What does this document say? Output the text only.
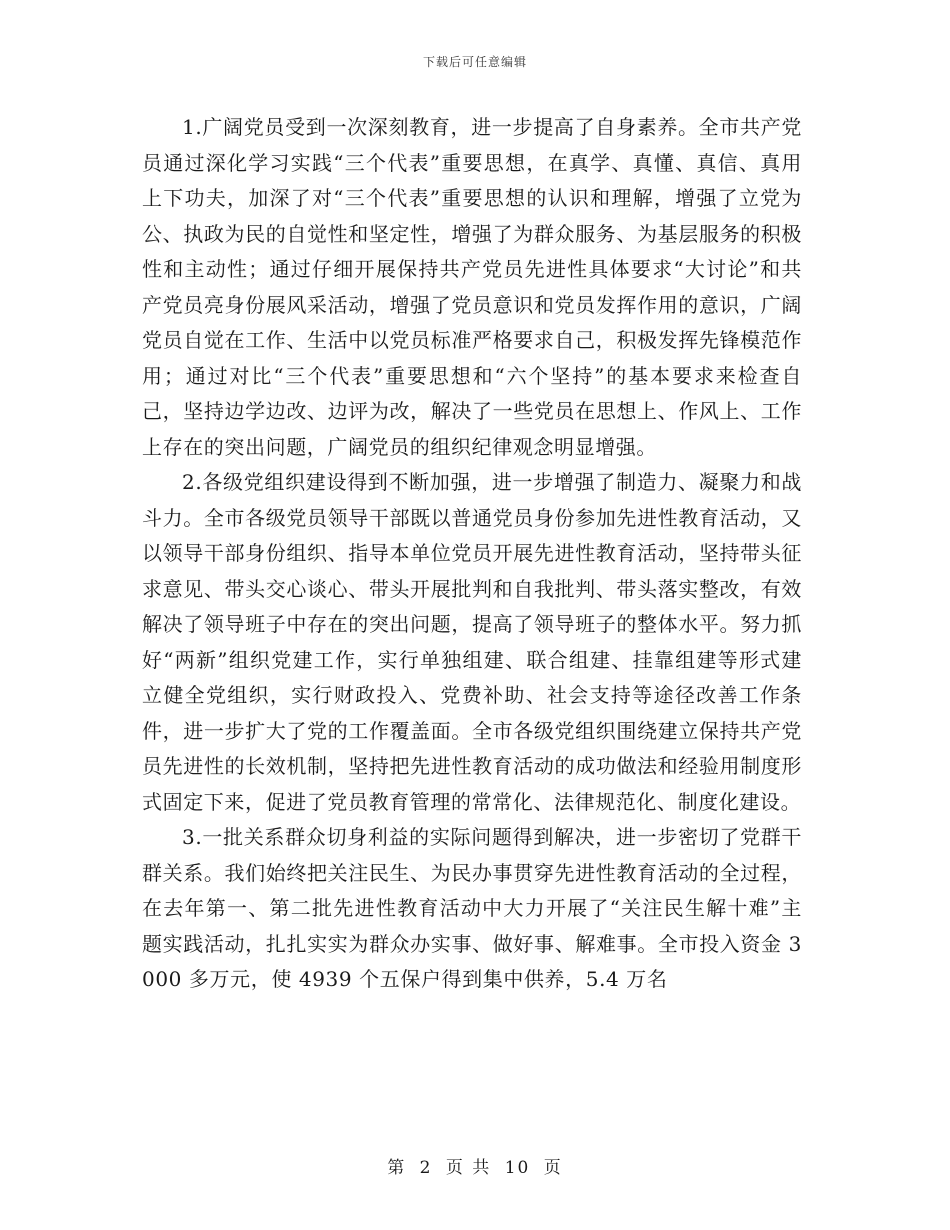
下载后可任意编辑

1.广阔党员受到一次深刻教育，进一步提高了自身素养。全市共产党员通过深化学习实践“三个代表”重要思想，在真学、真懂、真信、真用上下功夫，加深了对“三个代表”重要思想的认识和理解，增强了立党为公、执政为民的自觉性和坚定性，增强了为群众服务、为基层服务的积极性和主动性；通过仔细开展保持共产党员先进性具体要求“大讨论”和共产党员亮身份展风采活动，增强了党员意识和党员发挥作用的意识，广阔党员自觉在工作、生活中以党员标准严格要求自己，积极发挥先锋模范作用；通过对比“三个代表”重要思想和“六个坚持”的基本要求来检查自己，坚持边学边改、边评为改，解决了一些党员在思想上、作风上、工作上存在的突出问题，广阔党员的组织纪律观念明显增强。

2.各级党组织建设得到不断加强，进一步增强了制造力、凝聚力和战斗力。全市各级党员领导干部既以普通党员身份参加先进性教育活动，又以领导干部身份组织、指导本单位党员开展先进性教育活动，坚持带头征求意见、带头交心谈心、带头开展批判和自我批判、带头落实整改，有效解决了领导班子中存在的突出问题，提高了领导班子的整体水平。努力抓好“两新”组织党建工作，实行单独组建、联合组建、挂靠组建等形式建立健全党组织，实行财政投入、党费补助、社会支持等途径改善工作条件，进一步扩大了党的工作覆盖面。全市各级党组织围绕建立保持共产党员先进性的长效机制，坚持把先进性教育活动的成功做法和经验用制度形式固定下来，促进了党员教育管理的常常化、法律规范化、制度化建设。

3.一批关系群众切身利益的实际问题得到解决，进一步密切了党群干群关系。我们始终把关注民生、为民办事贯穿先进性教育活动的全过程，在去年第一、第二批先进性教育活动中大力开展了“关注民生解十难”主题实践活动，扎扎实实为群众办实事、做好事、解难事。全市投入资金 3000 多万元，使 4939 个五保户得到集中供养，5.4 万名

第 2 页 共 10 页
